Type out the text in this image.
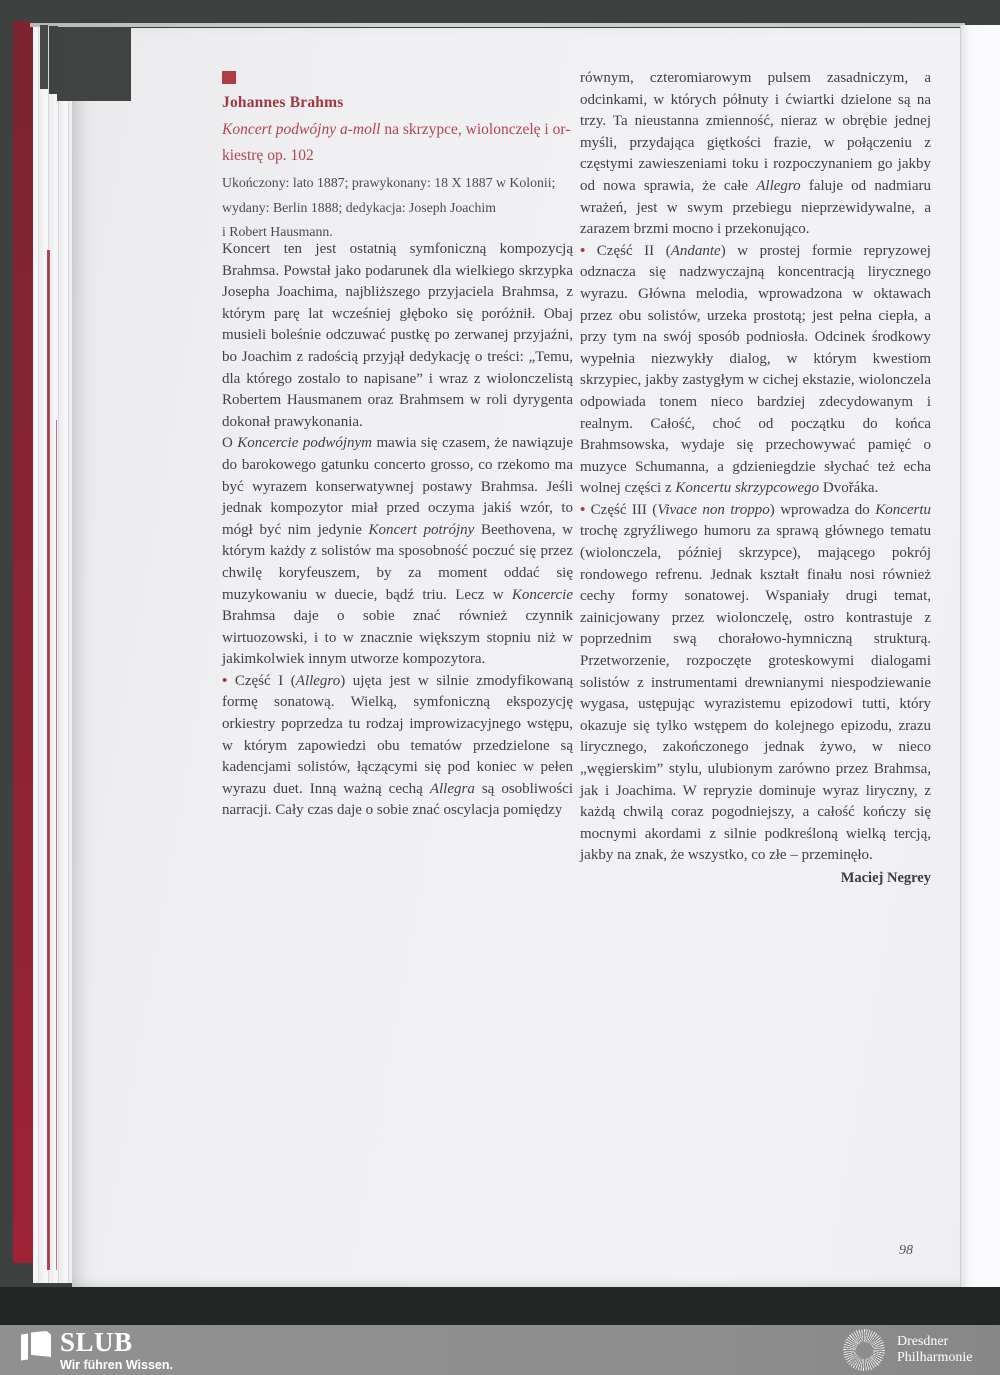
Johannes Brahms
Koncert podwójny a-moll na skrzypce, wiolonczelę i or-
kiestrę op. 102
Ukończony: lato 1887; prawykonany: 18 X 1887 w Kolonii;
wydany: Berlin 1888; dedykacja: Joseph Joachim
i Robert Hausmann.

Koncert ten jest ostatnią symfoniczną kompozycją Brahmsa. Powstał jako podarunek dla wielkiego skrzypka Josepha Joachima, najbliższego przyjaciela Brahmsa, z którym parę lat wcześniej głęboko się poróżnił. Obaj musieli boleśnie odczuwać pustkę po zerwanej przyjaźni, bo Joachim z radością przyjął dedykację o treści: „Temu, dla którego zostalo to napisane” i wraz z wiolonczelistą Robertem Hausmanem oraz Brahmsem w roli dyrygenta dokonał prawykonania.

O Koncercie podwójnym mawia się czasem, że nawiązuje do barokowego gatunku concerto grosso, co rzekomo ma być wyrazem konserwatywnej postawy Brahmsa. Jeśli jednak kompozytor miał przed oczyma jakiś wzór, to mógł być nim jedynie Koncert potrójny Beethovena, w którym każdy z solistów ma sposobność poczuć się przez chwilę koryfeuszem, by za moment oddać się muzykowaniu w duecie, bądź triu. Lecz w Koncercie Brahmsa daje o sobie znać również czynnik wirtuozowski, i to w znacznie większym stopniu niż w jakimkolwiek innym utworze kompozytora.

• Część I (Allegro) ujęta jest w silnie zmodyfikowaną formę sonatową. Wielką, symfoniczną ekspozycję orkiestry poprzedza tu rodzaj improwizacyjnego wstępu, w którym zapowiedzi obu tematów przedzielone są kadencjami solistów, łączącymi się pod koniec w pełen wyrazu duet. Inną ważną cechą Allegra są osobliwości narracji. Cały czas daje o sobie znać oscylacja pomiędzy

równym, czteromiarowym pulsem zasadniczym, a odcinkami, w których półnuty i ćwiartki dzielone są na trzy. Ta nieustanna zmienność, nieraz w obrębie jednej myśli, przydająca giętkości frazie, w połączeniu z częstymi zawieszeniami toku i rozpoczynaniem go jakby od nowa sprawia, że całe Allegro faluje od nadmiaru wrażeń, jest w swym przebiegu nieprzewidywalne, a zarazem brzmi mocno i przekonująco.

• Część II (Andante) w prostej formie repryzowej odznacza się nadzwyczajną koncentracją lirycznego wyrazu. Główna melodia, wprowadzona w oktawach przez obu solistów, urzeka prostotą; jest pełna ciepła, a przy tym na swój sposób podniosła. Odcinek środkowy wypełnia niezwykły dialog, w którym kwestiom skrzypiec, jakby zastygłym w cichej ekstazie, wiolonczela odpowiada tonem nieco bardziej zdecydowanym i realnym. Całość, choć od początku do końca Brahmsowska, wydaje się przechowywać pamięć o muzyce Schumanna, a gdzieniegdzie słychać też echa wolnej części z Koncertu skrzypcowego Dvořáka.

• Część III (Vivace non troppo) wprowadza do Koncertu trochę zgryźliwego humoru za sprawą głównego tematu (wiolonczela, później skrzypce), mającego pokrój rondowego refrenu. Jednak kształt finału nosi również cechy formy sonatowej. Wspaniały drugi temat, zainicjowany przez wiolonczelę, ostro kontrastuje z poprzednim swą chorałowo-hymniczną strukturą. Przetworzenie, rozpoczęte groteskowymi dialogami solistów z instrumentami drewnianymi niespodziewanie wygasa, ustępując wyrazistemu epizodowi tutti, który okazuje się tylko wstępem do kolejnego epizodu, zrazu lirycznego, zakończonego jednak żywo, w nieco „węgierskim” stylu, ulubionym zarówno przez Brahmsa, jak i Joachima. W repryzie dominuje wyraz liryczny, z każdą chwilą coraz pogodniejszy, a całość kończy się mocnymi akordami z silnie podkreśloną wielką tercją, jakby na znak, że wszystko, co złe – przeminęło.

Maciej Negrey
98
SLUB
Wir führen Wissen.
Dresdner
Philharmonie
